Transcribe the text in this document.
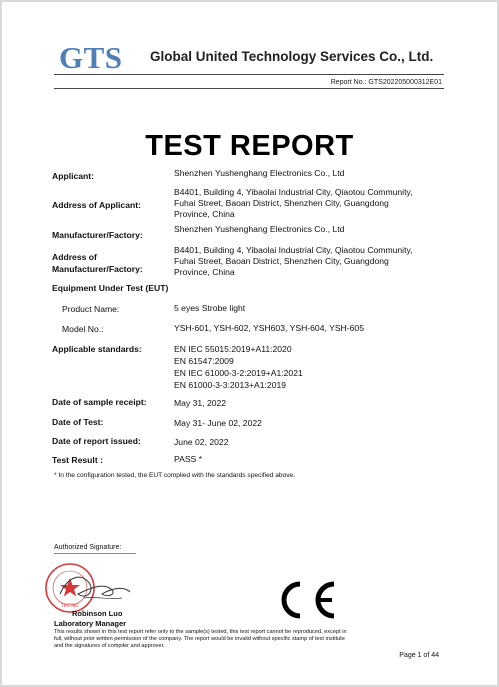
GTS Global United Technology Services Co., Ltd.
Report No.: GTS202205000312E01
TEST REPORT
Applicant:	Shenzhen Yushenghang Electronics Co., Ltd
Address of Applicant:
B4401, Building 4, Yibaolai Industrial City, Qiaotou Community,
Fuhai Street, Baoan District, Shenzhen City, Guangdong
Province, China
Manufacturer/Factory:
Shenzhen Yushenghang Electronics Co., Ltd
Address of
Manufacturer/Factory:
B4401, Building 4, Yibaolai Industrial City, Qiaotou Community,
Fuhai Street, Baoan District, Shenzhen City, Guangdong
Province, China
Equipment Under Test (EUT)
Product Name:	5 eyes Strobe light
Model No.:	YSH-601, YSH-602, YSH603, YSH-604, YSH-605
Applicable standards:	EN IEC 55015:2019+A11:2020
EN 61547:2009
EN IEC 61000-3-2:2019+A1:2021
EN 61000-3-3:2013+A1:2019
Date of sample receipt:	May 31, 2022
Date of Test:	May 31- June 02, 2022
Date of report issued:	June 02, 2022
Test Result :	PASS *
* In the configuration tested, the EUT complied with the standards specified above.
Authorized Signature:
TESTING
Robinson Luo
Laboratory Manager
This results shown in this test report refer only to the sample(s) tested, this test report cannot be reproduced, except in
full, without prior written permission of the company. The report would be invalid without specific stamp of test institute
and the signatures of compiler and approver.
Page 1 of 44
